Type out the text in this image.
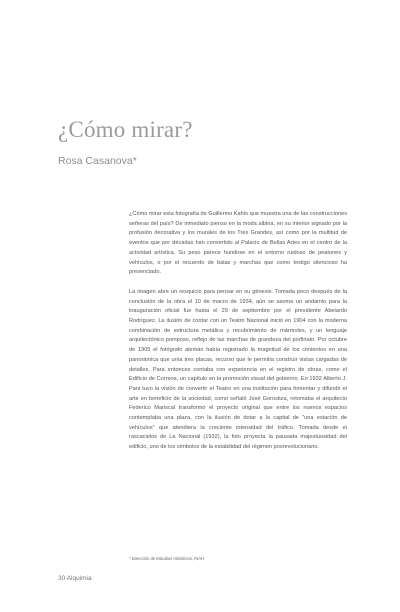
¿Cómo mirar?
Rosa Casanova*

¿Cómo mirar esta fotografía de Guillermo Kahlo que muestra una de las construcciones señeras del país? De inmediato pienso en la moda albina, en su interior signado por la profusión decorativa y los murales de los Tres Grandes, así como por la multitud de eventos que por décadas han convertido al Palacio de Bellas Artes en el centro de la actividad artística. Su peso parece hundirse en el entorno ruidoso de peatones y vehículos, o por el recuerdo de balas y marchas que como testigo silencioso ha presenciado.

La imagen abre un resquicio para pensar en su génesis. Tomada poco después de la conclusión de la obra el 10 de marzo de 1934, aún se asoma un andamio para la inauguración oficial fue hasta el 29 de septiembre por el presidente Abelardo Rodríguez. La ilusión de contar con un Teatro Nacional inició en 1904 con la moderna combinación de estructura metálica y recubrimiento de mármoles, y un lenguaje arquitectónico pomposo, reflejo de las marchas de grandeza del porfiriato. Por octubre de 1905 el fotógrafo alemán había registrado la magnitud de los cimientos en una panorámica que unía tres placas, recurso que le permitía construir vistas cargadas de detalles. Para entonces contaba con experiencia en el registro de obras, como el Edificio de Correos, un capítulo en la promoción visual del gobierno. En 1932 Alberto J. Pani tuvo la visión de convertir el Teatro en una institución para fomentar y difundir el arte en beneficio de la sociedad, como señaló José Gorostiza, retomaba el arquitecto Federico Mariscal transformó el proyecto original que entre los nuevos espacios contemplaba una plaza, con la ilusión de dotar a la capital de "una estación de vehículos" que atendiera la creciente intensidad del tráfico. Tomada desde el rascacielos de La Nacional (1932), la foto proyecta la pausada majestuosidad del edificio, uno de los símbolos de la estabilidad del régimen posrevolucionario.

* Dirección de Estudios Históricos, INAH
30 Alquimia
